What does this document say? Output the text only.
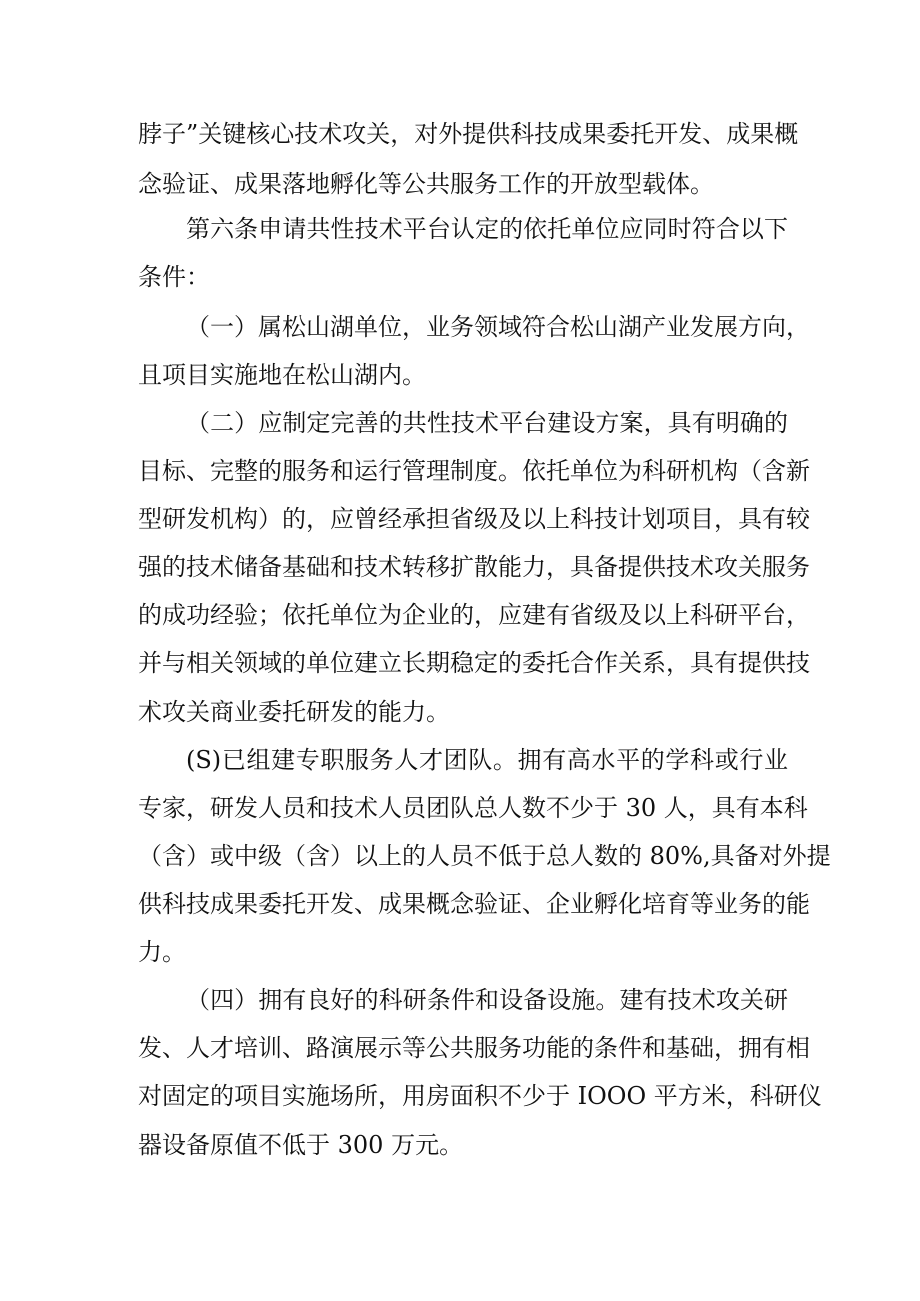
脖子”关键核心技术攻关，对外提供科技成果委托开发、成果概
念验证、成果落地孵化等公共服务工作的开放型载体。
第六条申请共性技术平台认定的依托单位应同时符合以下
条件：
（一）属松山湖单位，业务领域符合松山湖产业发展方向，
且项目实施地在松山湖内。
（二）应制定完善的共性技术平台建设方案，具有明确的
目标、完整的服务和运行管理制度。依托单位为科研机构（含新
型研发机构）的，应曾经承担省级及以上科技计划项目，具有较
强的技术储备基础和技术转移扩散能力，具备提供技术攻关服务
的成功经验；依托单位为企业的，应建有省级及以上科研平台，
并与相关领域的单位建立长期稳定的委托合作关系，具有提供技
术攻关商业委托研发的能力。
(S)已组建专职服务人才团队。拥有高水平的学科或行业
专家，研发人员和技术人员团队总人数不少于 30 人，具有本科
（含）或中级（含）以上的人员不低于总人数的 80%,具备对外提
供科技成果委托开发、成果概念验证、企业孵化培育等业务的能
力。
（四）拥有良好的科研条件和设备设施。建有技术攻关研
发、人才培训、路演展示等公共服务功能的条件和基础，拥有相
对固定的项目实施场所，用房面积不少于 IOOO 平方米，科研仪
器设备原值不低于 300 万元。
